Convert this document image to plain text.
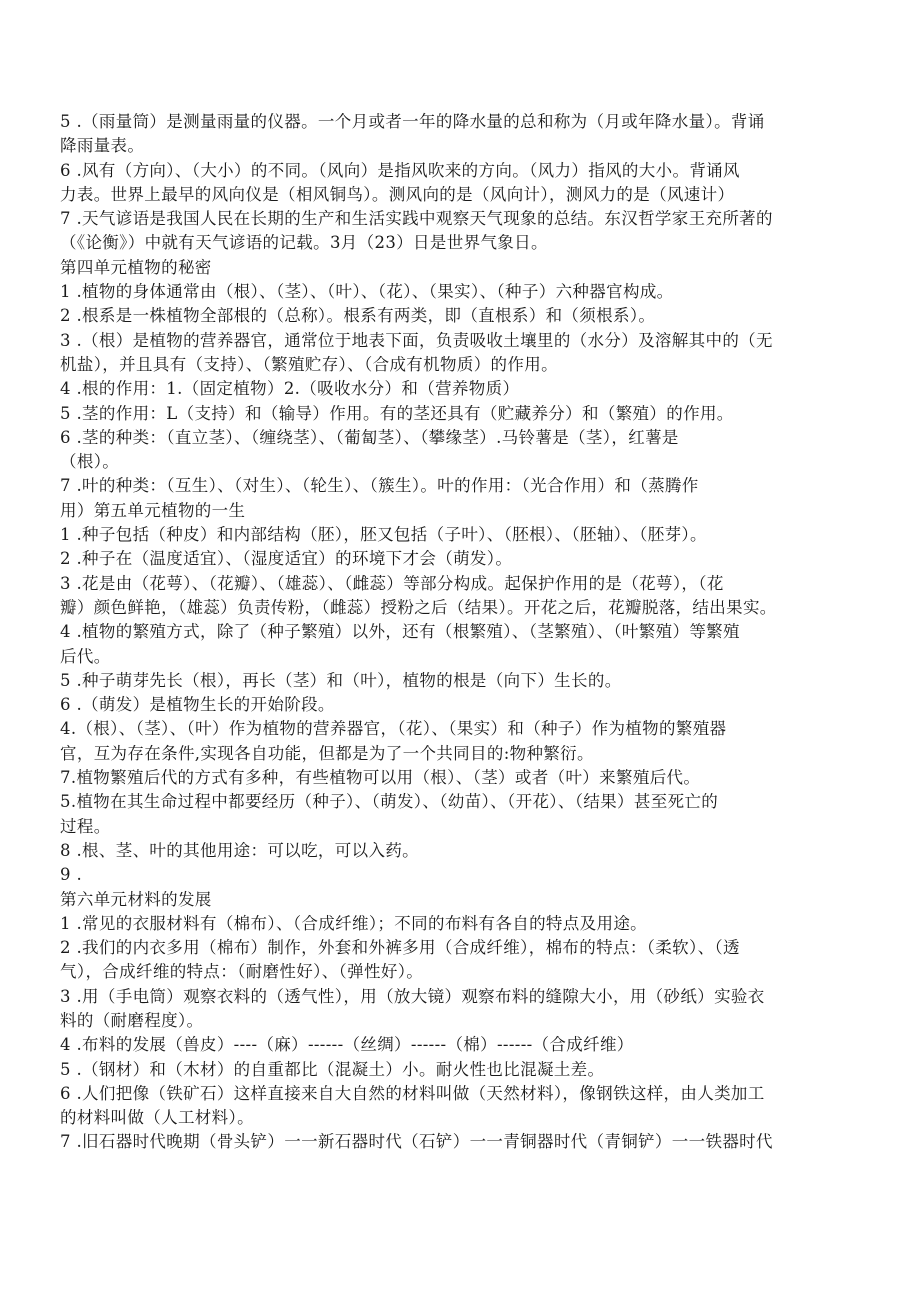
5 .（雨量筒）是测量雨量的仪器。一个月或者一年的降水量的总和称为（月或年降水量）。背诵
降雨量表。
6 .风有（方向）、（大小）的不同。（风向）是指风吹来的方向。（风力）指风的大小。背诵风
力表。世界上最早的风向仪是（相风铜鸟）。测风向的是（风向计），测风力的是（风速计）
7 .天气谚语是我国人民在长期的生产和生活实践中观察天气现象的总结。东汉哲学家王充所著的
（《论衡》）中就有天气谚语的记载。3月（23）日是世界气象日。
第四单元植物的秘密
1 .植物的身体通常由（根）、（茎）、（叶）、（花）、（果实）、（种子）六种器官构成。
2 .根系是一株植物全部根的（总称）。根系有两类，即（直根系）和（须根系）。
3 .（根）是植物的营养器官，通常位于地表下面，负责吸收土壤里的（水分）及溶解其中的（无
机盐），并且具有（支持）、（繁殖贮存）、（合成有机物质）的作用。
4 .根的作用：1.（固定植物）2.（吸收水分）和（营养物质）
5 .茎的作用：L（支持）和（输导）作用。有的茎还具有（贮藏养分）和（繁殖）的作用。
6 .茎的种类：（直立茎）、（缠绕茎）、（葡匐茎）、（攀缘茎）.马铃薯是（茎），红薯是
（根）。
7 .叶的种类：（互生）、（对生）、（轮生）、（簇生）。叶的作用：（光合作用）和（蒸腾作
用）第五单元植物的一生
1 .种子包括（种皮）和内部结构（胚），胚又包括（子叶）、（胚根）、（胚轴）、（胚芽）。
2 .种子在（温度适宜）、（湿度适宜）的环境下才会（萌发）。
3 .花是由（花萼）、（花瓣）、（雄蕊）、（雌蕊）等部分构成。起保护作用的是（花萼），（花
瓣）颜色鲜艳，（雄蕊）负责传粉，（雌蕊）授粉之后（结果）。开花之后，花瓣脱落，结出果实。
4 .植物的繁殖方式，除了（种子繁殖）以外，还有（根繁殖）、（茎繁殖）、（叶繁殖）等繁殖
后代。
5 .种子萌芽先长（根），再长（茎）和（叶），植物的根是（向下）生长的。
6 .（萌发）是植物生长的开始阶段。
4.（根）、（茎）、（叶）作为植物的营养器官，（花）、（果实）和（种子）作为植物的繁殖器
官，互为存在条件,实现各自功能，但都是为了一个共同目的:物种繁衍。
7.植物繁殖后代的方式有多种，有些植物可以用（根）、（茎）或者（叶）来繁殖后代。
5.植物在其生命过程中都要经历（种子）、（萌发）、（幼苗）、（开花）、（结果）甚至死亡的
过程。
8 .根、茎、叶的其他用途：可以吃，可以入药。
9 .
第六单元材料的发展
1 .常见的衣服材料有（棉布）、（合成纤维）；不同的布料有各自的特点及用途。
2 .我们的内衣多用（棉布）制作，外套和外裤多用（合成纤维），棉布的特点：（柔软）、（透
气），合成纤维的特点：（耐磨性好）、（弹性好）。
3 .用（手电筒）观察衣料的（透气性），用（放大镜）观察布料的缝隙大小，用（砂纸）实验衣
料的（耐磨程度）。
4 .布料的发展（兽皮）----（麻）------（丝绸）------（棉）------（合成纤维）
5 .（钢材）和（木材）的自重都比（混凝土）小。耐火性也比混凝土差。
6 .人们把像（铁矿石）这样直接来自大自然的材料叫做（天然材料），像钢铁这样，由人类加工
的材料叫做（人工材料）。
7 .旧石器时代晚期（骨头铲）一一新石器时代（石铲）一一青铜器时代（青铜铲）一一铁器时代
